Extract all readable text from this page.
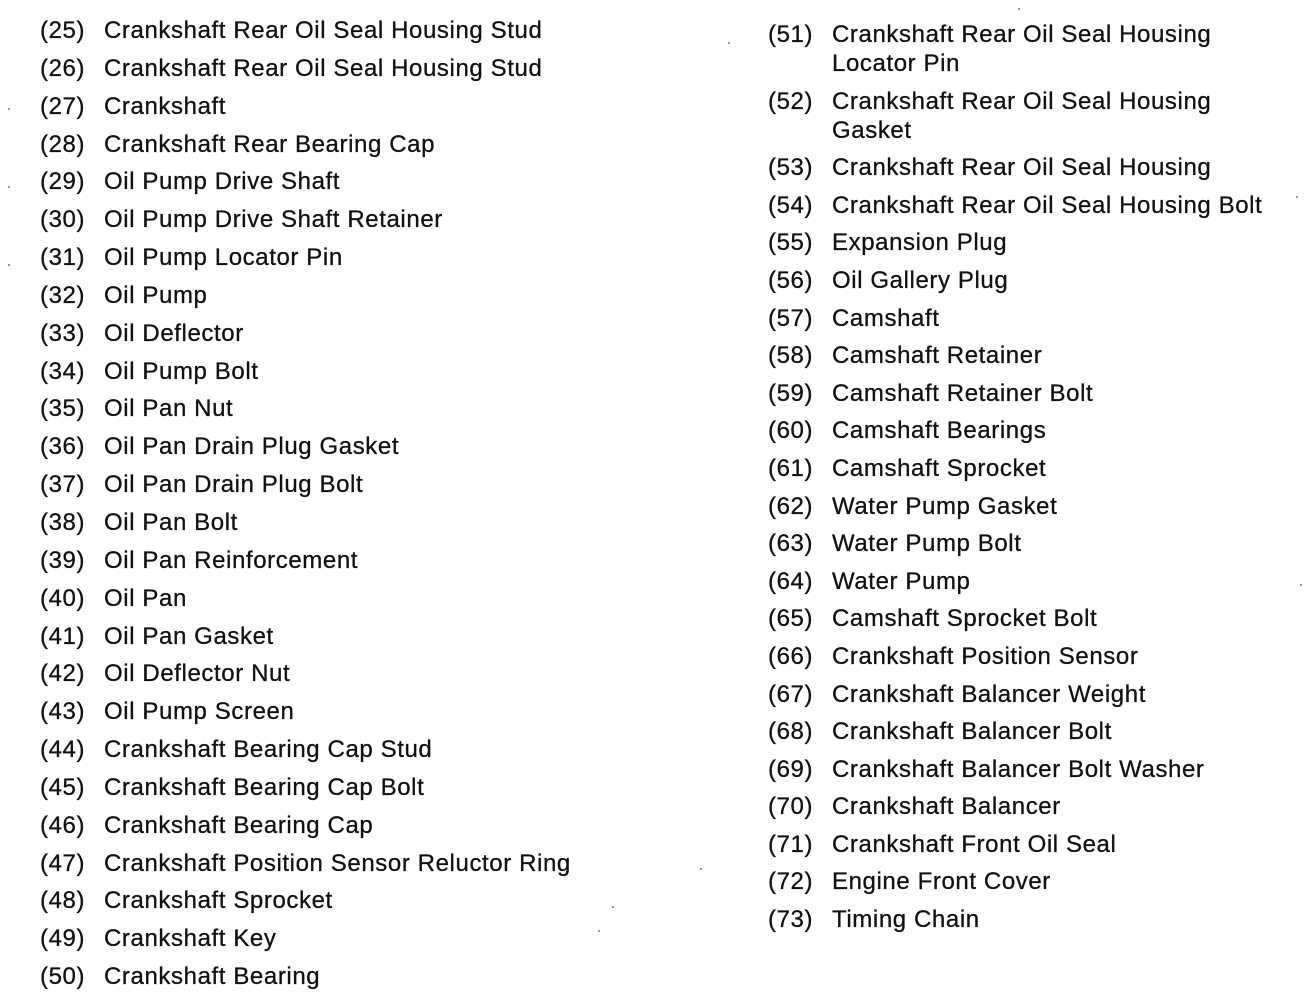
(25) Crankshaft Rear Oil Seal Housing Stud
(26) Crankshaft Rear Oil Seal Housing Stud
(27) Crankshaft
(28) Crankshaft Rear Bearing Cap
(29) Oil Pump Drive Shaft
(30) Oil Pump Drive Shaft Retainer
(31) Oil Pump Locator Pin
(32) Oil Pump
(33) Oil Deflector
(34) Oil Pump Bolt
(35) Oil Pan Nut
(36) Oil Pan Drain Plug Gasket
(37) Oil Pan Drain Plug Bolt
(38) Oil Pan Bolt
(39) Oil Pan Reinforcement
(40) Oil Pan
(41) Oil Pan Gasket
(42) Oil Deflector Nut
(43) Oil Pump Screen
(44) Crankshaft Bearing Cap Stud
(45) Crankshaft Bearing Cap Bolt
(46) Crankshaft Bearing Cap
(47) Crankshaft Position Sensor Reluctor Ring
(48) Crankshaft Sprocket
(49) Crankshaft Key
(50) Crankshaft Bearing
(51) Crankshaft Rear Oil Seal Housing Locator Pin
(52) Crankshaft Rear Oil Seal Housing Gasket
(53) Crankshaft Rear Oil Seal Housing
(54) Crankshaft Rear Oil Seal Housing Bolt
(55) Expansion Plug
(56) Oil Gallery Plug
(57) Camshaft
(58) Camshaft Retainer
(59) Camshaft Retainer Bolt
(60) Camshaft Bearings
(61) Camshaft Sprocket
(62) Water Pump Gasket
(63) Water Pump Bolt
(64) Water Pump
(65) Camshaft Sprocket Bolt
(66) Crankshaft Position Sensor
(67) Crankshaft Balancer Weight
(68) Crankshaft Balancer Bolt
(69) Crankshaft Balancer Bolt Washer
(70) Crankshaft Balancer
(71) Crankshaft Front Oil Seal
(72) Engine Front Cover
(73) Timing Chain
